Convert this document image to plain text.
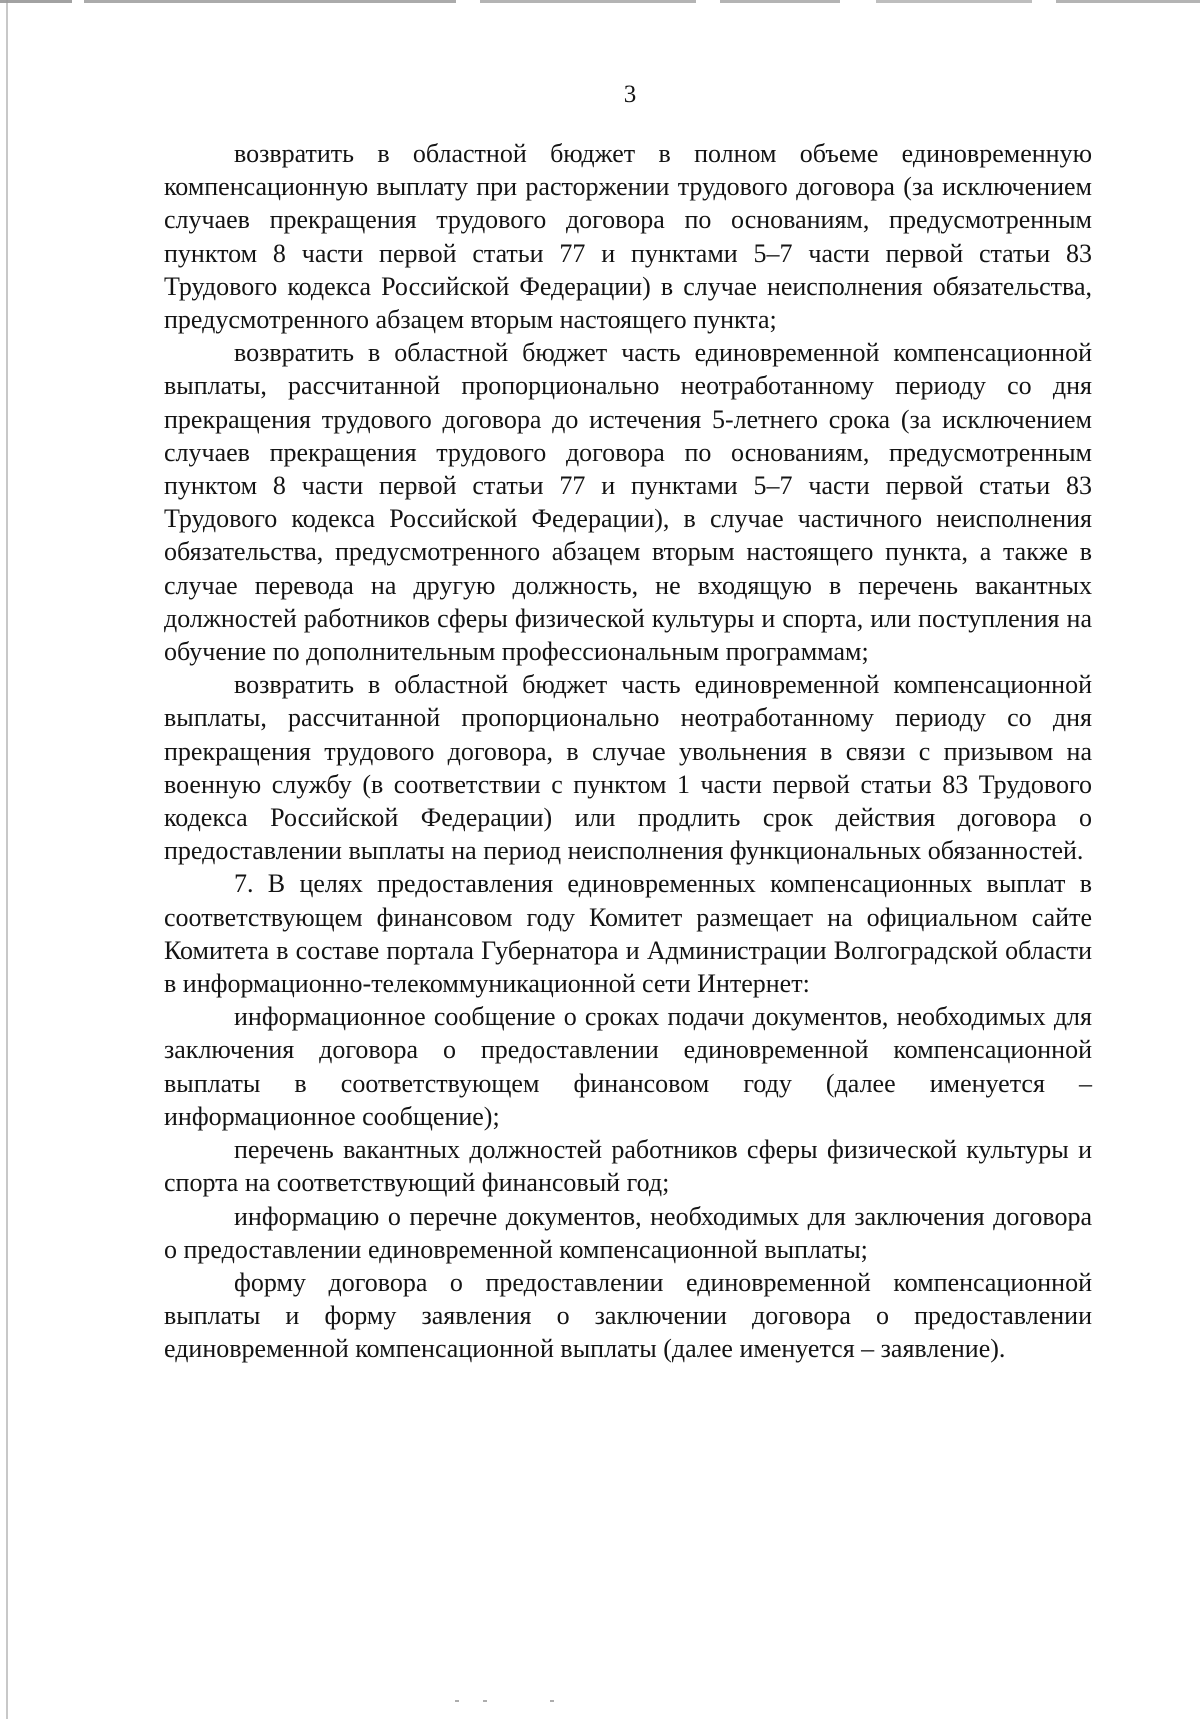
3

возвратить в областной бюджет в полном объеме единовременную компенсационную выплату при расторжении трудового договора (за исключением случаев прекращения трудового договора по основаниям, предусмотренным пунктом 8 части первой статьи 77 и пунктами 5–7 части первой статьи 83 Трудового кодекса Российской Федерации) в случае неисполнения обязательства, предусмотренного абзацем вторым настоящего пункта;

возвратить в областной бюджет часть единовременной компенсационной выплаты, рассчитанной пропорционально неотработанному периоду со дня прекращения трудового договора до истечения 5-летнего срока (за исключением случаев прекращения трудового договора по основаниям, предусмотренным пунктом 8 части первой статьи 77 и пунктами 5–7 части первой статьи 83 Трудового кодекса Российской Федерации), в случае частичного неисполнения обязательства, предусмотренного абзацем вторым настоящего пункта, а также в случае перевода на другую должность, не входящую в перечень вакантных должностей работников сферы физической культуры и спорта, или поступления на обучение по дополнительным профессиональным программам;

возвратить в областной бюджет часть единовременной компенсационной выплаты, рассчитанной пропорционально неотработанному периоду со дня прекращения трудового договора, в случае увольнения в связи с призывом на военную службу (в соответствии с пунктом 1 части первой статьи 83 Трудового кодекса Российской Федерации) или продлить срок действия договора о предоставлении выплаты на период неисполнения функциональных обязанностей.

7. В целях предоставления единовременных компенсационных выплат в соответствующем финансовом году Комитет размещает на официальном сайте Комитета в составе портала Губернатора и Администрации Волгоградской области в информационно-телекоммуникационной сети Интернет:

информационное сообщение о сроках подачи документов, необходимых для заключения договора о предоставлении единовременной компенсационной выплаты в соответствующем финансовом году (далее именуется – информационное сообщение);

перечень вакантных должностей работников сферы физической культуры и спорта на соответствующий финансовый год;

информацию о перечне документов, необходимых для заключения договора о предоставлении единовременной компенсационной выплаты;

форму договора о предоставлении единовременной компенсационной выплаты и форму заявления о заключении договора о предоставлении единовременной компенсационной выплаты (далее именуется – заявление).
